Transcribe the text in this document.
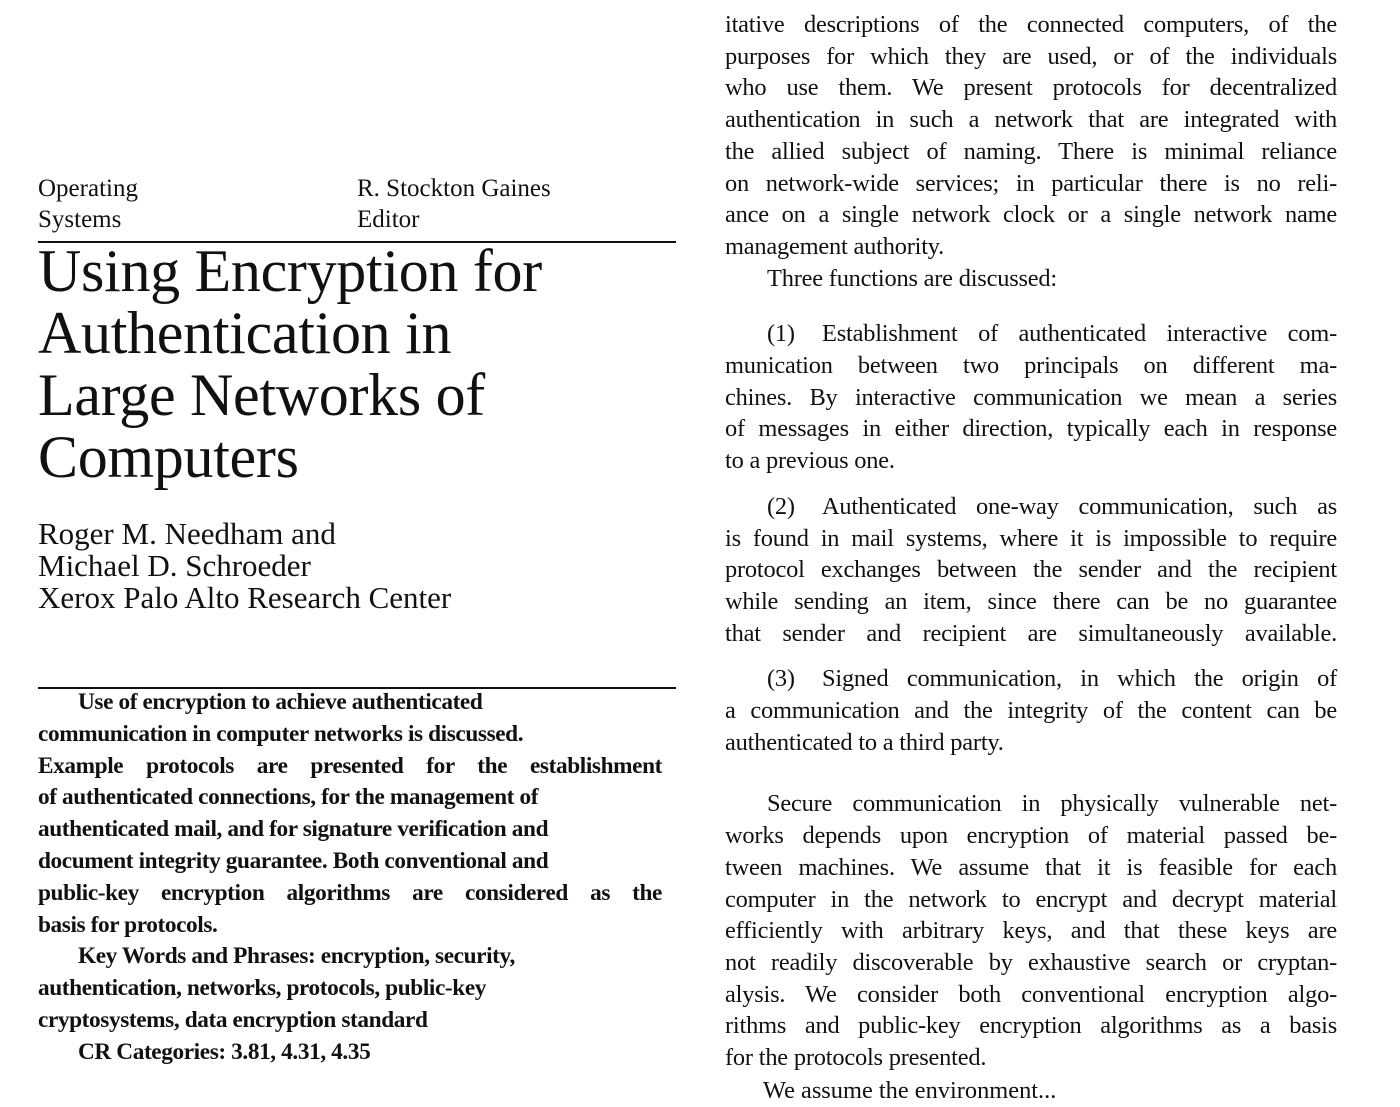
Operating
Systems
R. Stockton Gaines
Editor
Using Encryption for
Authentication in
Large Networks of
Computers
Roger M. Needham and
Michael D. Schroeder
Xerox Palo Alto Research Center
Use of encryption to achieve authenticated
communication in computer networks is discussed.
Example protocols are presented for the establishment
of authenticated connections, for the management of
authenticated mail, and for signature verification and
document integrity guarantee. Both conventional and
public-key encryption algorithms are considered as the
basis for protocols.
Key Words and Phrases: encryption, security,
authentication, networks, protocols, public-key
cryptosystems, data encryption standard
CR Categories: 3.81, 4.31, 4.35
itative descriptions of the connected computers, of the
purposes for which they are used, or of the individuals
who use them. We present protocols for decentralized
authentication in such a network that are integrated with
the allied subject of naming. There is minimal reliance
on network-wide services; in particular there is no reli-
ance on a single network clock or a single network name
management authority.
Three functions are discussed:
(1) Establishment of authenticated interactive com-
munication between two principals on different ma-
chines. By interactive communication we mean a series
of messages in either direction, typically each in response
to a previous one.
(2) Authenticated one-way communication, such as
is found in mail systems, where it is impossible to require
protocol exchanges between the sender and the recipient
while sending an item, since there can be no guarantee
that sender and recipient are simultaneously available.
(3) Signed communication, in which the origin of
a communication and the integrity of the content can be
authenticated to a third party.
Secure communication in physically vulnerable net-
works depends upon encryption of material passed be-
tween machines. We assume that it is feasible for each
computer in the network to encrypt and decrypt material
efficiently with arbitrary keys, and that these keys are
not readily discoverable by exhaustive search or cryptan-
alysis. We consider both conventional encryption algo-
rithms and public-key encryption algorithms as a basis
for the protocols presented.
We assume the environment...
